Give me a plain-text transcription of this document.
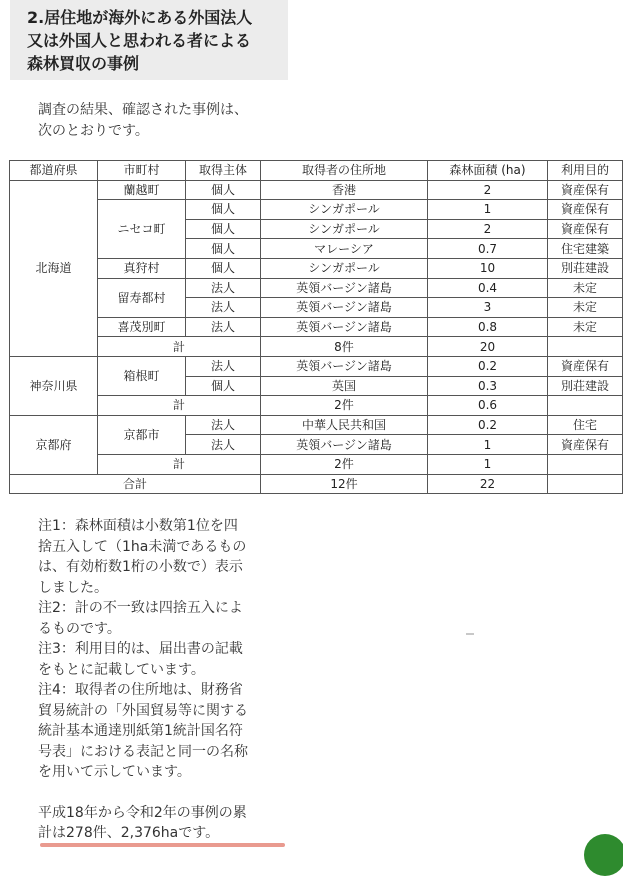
2.居住地が海外にある外国法人
又は外国人と思われる者による
森林買収の事例
調査の結果、確認された事例は、
次のとおりです。
都道府県	市町村	取得主体	取得者の住所地	森林面積 (ha)	利用目的
北海道	蘭越町	個人	香港	2	資産保有
	ニセコ町	個人	シンガポール	1	資産保有
		個人	シンガポール	2	資産保有
		個人	マレーシア	0.7	住宅建築
	真狩村	個人	シンガポール	10	別荘建設
	留寿都村	法人	英領バージン諸島	0.4	未定
		法人	英領バージン諸島	3	未定
	喜茂別町	法人	英領バージン諸島	0.8	未定
	計		8件	20	
神奈川県	箱根町	法人	英領バージン諸島	0.2	資産保有
		個人	英国	0.3	別荘建設
	計		2件	0.6	
京都府	京都市	法人	中華人民共和国	0.2	住宅
		法人	英領バージン諸島	1	資産保有
	計		2件	1	
合計			12件	22	
注1：森林面積は小数第1位を四
捨五入して（1ha未満であるもの
は、有効桁数1桁の小数で）表示
しました。
注2：計の不一致は四捨五入によ
るものです。
注3：利用目的は、届出書の記載
をもとに記載しています。
注4：取得者の住所地は、財務省
貿易統計の「外国貿易等に関する
統計基本通達別紙第1統計国名符
号表」における表記と同一の名称
を用いて示しています。
平成18年から令和2年の事例の累
計は278件、2,376haです。
